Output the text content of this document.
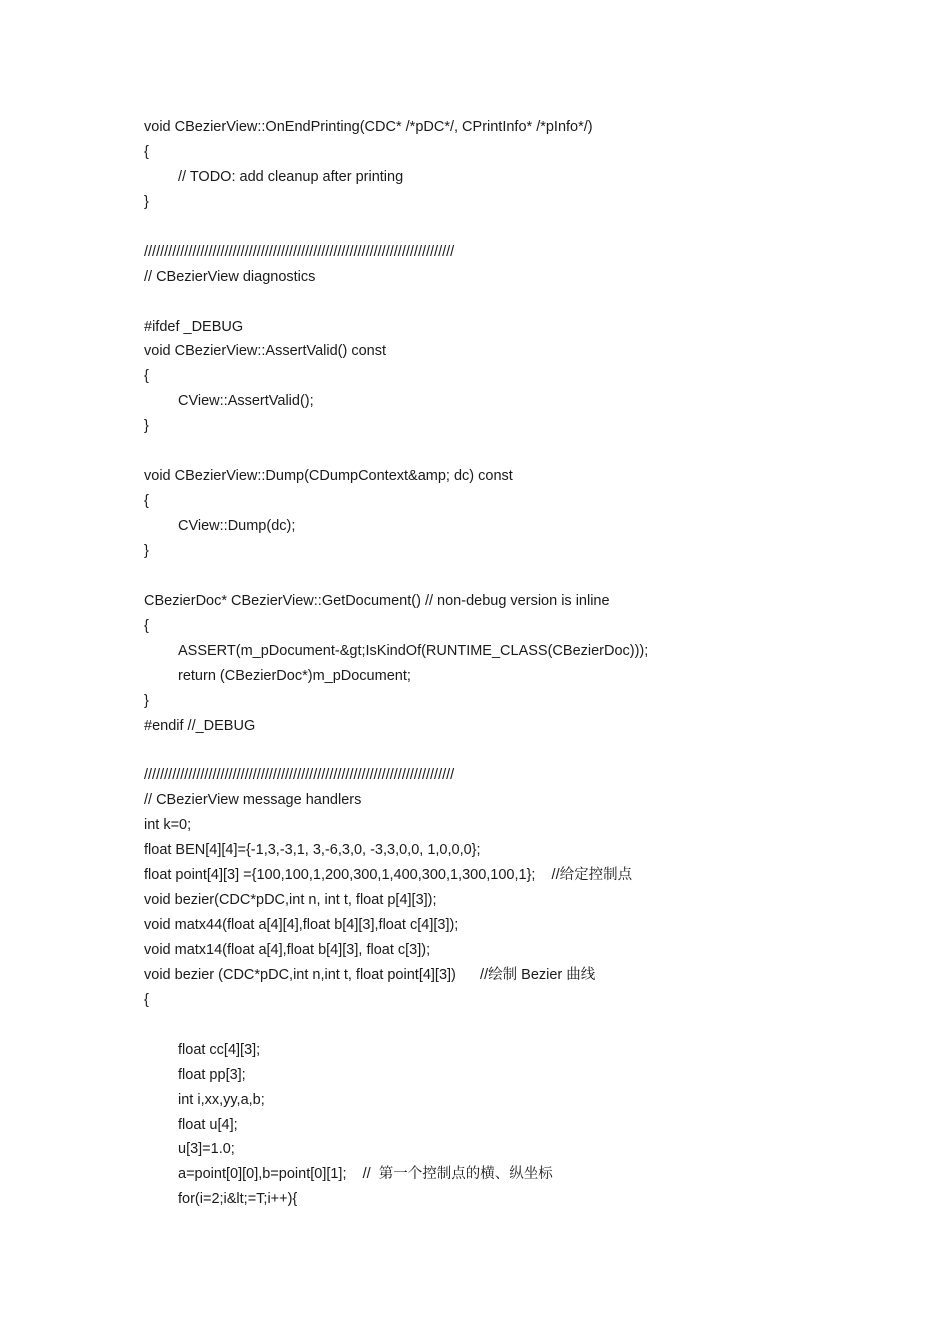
void CBezierView::OnEndPrinting(CDC* /*pDC*/, CPrintInfo* /*pInfo*/)
{
// TODO: add cleanup after printing
}
/////////////////////////////////////////////////////////////////////////////
// CBezierView diagnostics
#ifdef _DEBUG
void CBezierView::AssertValid() const
{
CView::AssertValid();
}
void CBezierView::Dump(CDumpContext&amp; dc) const
{
CView::Dump(dc);
}
CBezierDoc* CBezierView::GetDocument() // non-debug version is inline
{
ASSERT(m_pDocument-&gt;IsKindOf(RUNTIME_CLASS(CBezierDoc)));
return (CBezierDoc*)m_pDocument;
}
#endif //_DEBUG
/////////////////////////////////////////////////////////////////////////////
// CBezierView message handlers
int k=0;
float BEN[4][4]={-1,3,-3,1, 3,-6,3,0, -3,3,0,0, 1,0,0,0};
float point[4][3] ={100,100,1,200,300,1,400,300,1,300,100,1};    //给定控制点
void bezier(CDC*pDC,int n, int t, float p[4][3]);
void matx44(float a[4][4],float b[4][3],float c[4][3]);
void matx14(float a[4],float b[4][3], float c[3]);
void bezier (CDC*pDC,int n,int t, float point[4][3])      //绘制 Bezier 曲线
{
float cc[4][3];
float pp[3];
int i,xx,yy,a,b;
float u[4];
u[3]=1.0;
a=point[0][0],b=point[0][1];    //  第一个控制点的横、纵坐标
for(i=2;i&lt;=T;i++){
